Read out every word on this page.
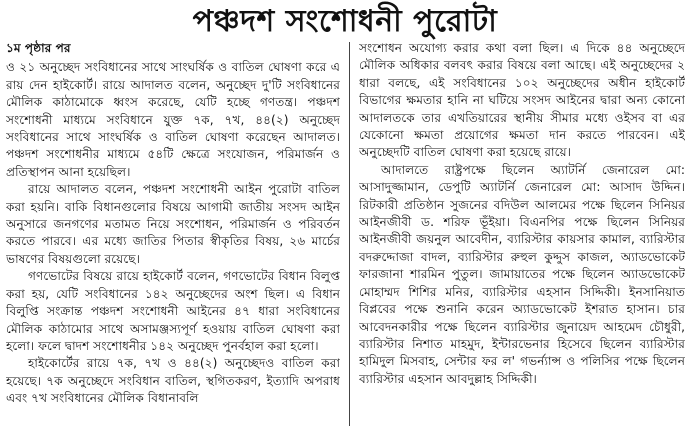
পঞ্চদশ সংশোধনী পুরোটা

১ম পৃষ্ঠার পর

ও ২১ অনুচ্ছেদ সংবিধানের সাথে সাংঘর্ষিক ও বাতিল ঘোষণা করে এ রায় দেন হাইকোর্ট। রায়ে আদালত বলেন, অনুচ্ছেদ দু'টি সংবিধানের মৌলিক কাঠামোকে ধ্বংস করেছে, যেটি হচ্ছে গণতন্ত্র। পঞ্চদশ সংশোধনী মাধ্যমে সংবিধানে যুক্ত ৭ক, ৭খ, ৪৪(২) অনুচ্ছেদ সংবিধানের সাথে সাংঘর্ষিক ও বাতিল ঘোষণা করেছেন আদালত। পঞ্চদশ সংশোধনীর মাধ্যমে ৫৪টি ক্ষেত্রে সংযোজন, পরিমার্জন ও প্রতিস্থাপন আনা হয়েছিল।

রায়ে আদালত বলেন, পঞ্চদশ সংশোধনী আইন পুরোটা বাতিল করা হয়নি। বাকি বিধানগুলোর বিষয়ে আগামী জাতীয় সংসদ আইন অনুসারে জনগণের মতামত নিয়ে সংশোধন, পরিমার্জন ও পরিবর্তন করতে পারবে। এর মধ্যে জাতির পিতার স্বীকৃতির বিষয়, ২৬ মার্চের ভাষণের বিষয়গুলো রয়েছে।

গণভোটের বিষয়ে রায়ে হাইকোর্ট বলেন, গণভোটের বিধান বিলুপ্ত করা হয়, যেটি সংবিধানের ১৪২ অনুচ্ছেদের অংশ ছিল। এ বিধান বিলুপ্তি সংক্রান্ত পঞ্চদশ সংশোধনী আইনের ৪৭ ধারা সংবিধানের মৌলিক কাঠামোর সাথে অসামঞ্জস্যপূর্ণ হওয়ায় বাতিল ঘোষণা করা হলো। ফলে দ্বাদশ সংশোধনীর ১৪২ অনুচ্ছেদ পুনর্বহাল করা হলো।

হাইকোর্টের রায়ে ৭ক, ৭খ ও ৪৪(২) অনুচ্ছেদও বাতিল করা হয়েছে। ৭ক অনুচ্ছেদে সংবিধান বাতিল, স্থগিতকরণ, ইত্যাদি অপরাধ এবং ৭খ সংবিধানের মৌলিক বিধানাবলি

সংশোধন অযোগ্য করার কথা বলা ছিল। এ দিকে ৪৪ অনুচ্ছেদে মৌলিক অধিকার বলবৎ করার বিষয়ে বলা আছে। এই অনুচ্ছেদের ২ ধারা বলছে, এই সংবিধানের ১০২ অনুচ্ছেদের অধীন হাইকোর্ট বিভাগের ক্ষমতার হানি না ঘটিয়ে সংসদ আইনের দ্বারা অন্য কোনো আদালতকে তার এখতিয়ারের স্থানীয় সীমার মধ্যে ওইসব বা এর যেকোনো ক্ষমতা প্রয়োগের ক্ষমতা দান করতে পারবেন। এই অনুচ্ছেদটি বাতিল ঘোষণা করা হয়েছে রায়ে।

আদালতে রাষ্ট্রপক্ষে ছিলেন অ্যাটর্নি জেনারেল মো: আসাদুজ্জামান, ডেপুটি অ্যাটর্নি জেনারেল মো: আসাদ উদ্দিন। রিটকারী প্রতিষ্ঠান সুজনের বদিউল আলমের পক্ষে ছিলেন সিনিয়র আইনজীবী ড. শরিফ ভূঁইয়া। বিএনপির পক্ষে ছিলেন সিনিয়র আইনজীবী জয়নুল আবেদীন, ব্যারিস্টার কায়সার কামাল, ব্যারিস্টার বদরুদ্দোজা বাদল, ব্যারিস্টার রুহুল কুদ্দুস কাজল, অ্যাডভোকেট ফারজানা শারমিন পুতুল। জামায়াতের পক্ষে ছিলেন অ্যাডভোকেট মোহাম্মদ শিশির মনির, ব্যারিস্টার এহসান সিদ্দিকী। ইনসানিয়াত বিপ্লবের পক্ষে শুনানি করেন অ্যাডভোকেট ইশরাত হাসান। চার আবেদনকারীর পক্ষে ছিলেন ব্যারিস্টার জুনায়েদ আহমেদ চৌধুরী, ব্যারিস্টার নিশাত মাহমুদ, ইন্টারভেনার হিসেবে ছিলেন ব্যারিস্টার হামিদুল মিসবাহ, সেন্টার ফর ল' গভর্ন্যান্স ও পলিসির পক্ষে ছিলেন ব্যারিস্টার এহসান আবদুল্লাহ সিদ্দিকী।
